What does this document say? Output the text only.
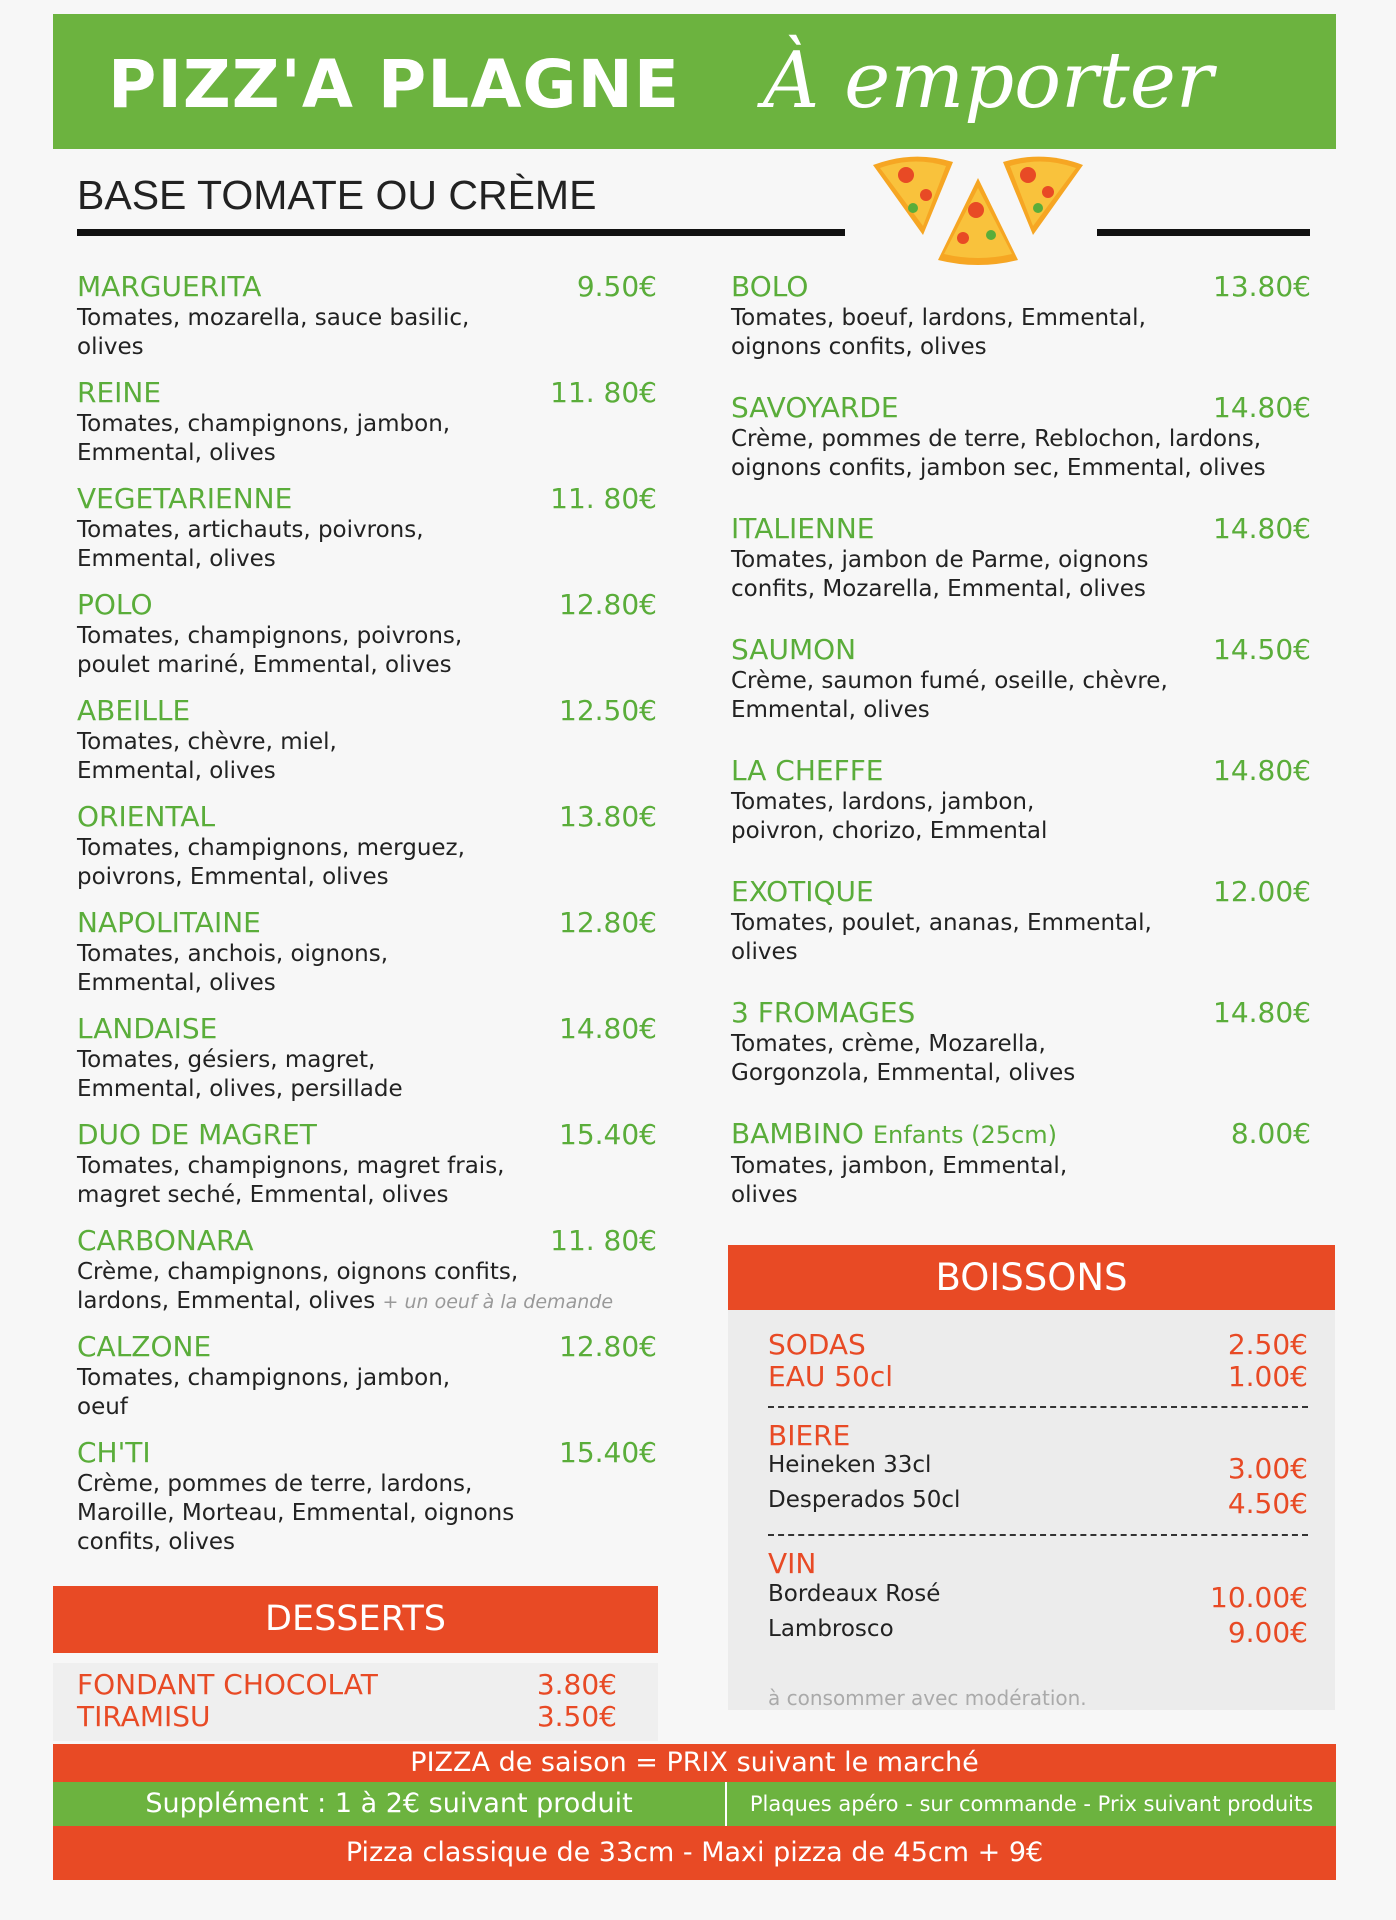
PIZZ'A PLAGNE À emporter
BASE TOMATE OU CRÈME
MARGUERITA	9.50€
Tomates, mozarella, sauce basilic,
olives
REINE	11. 80€
Tomates, champignons, jambon,
Emmental, olives
VEGETARIENNE	11. 80€
Tomates, artichauts, poivrons,
Emmental, olives
POLO	12.80€
Tomates, champignons, poivrons,
poulet mariné, Emmental, olives
ABEILLE	12.50€
Tomates, chèvre, miel,
Emmental, olives
ORIENTAL	13.80€
Tomates, champignons, merguez,
poivrons, Emmental, olives
NAPOLITAINE	12.80€
Tomates, anchois, oignons,
Emmental, olives
LANDAISE	14.80€
Tomates, gésiers, magret,
Emmental, olives, persillade
DUO DE MAGRET	15.40€
Tomates, champignons, magret frais,
magret seché, Emmental, olives
CARBONARA	11. 80€
Crème, champignons, oignons confits,
lardons, Emmental, olives + un oeuf à la demande
CALZONE	12.80€
Tomates, champignons, jambon,
oeuf
CH'TI	15.40€
Crème, pommes de terre, lardons,
Maroille, Morteau, Emmental, oignons
confits, olives
BOLO	13.80€
Tomates, boeuf, lardons, Emmental,
oignons confits, olives
SAVOYARDE	14.80€
Crème, pommes de terre, Reblochon, lardons,
oignons confits, jambon sec, Emmental, olives
ITALIENNE	14.80€
Tomates, jambon de Parme, oignons
confits, Mozarella, Emmental, olives
SAUMON	14.50€
Crème, saumon fumé, oseille, chèvre,
Emmental, olives
LA CHEFFE	14.80€
Tomates, lardons, jambon,
poivron, chorizo, Emmental
EXOTIQUE	12.00€
Tomates, poulet, ananas, Emmental,
olives
3 FROMAGES	14.80€
Tomates, crème, Mozarella,
Gorgonzola, Emmental, olives
BAMBINO Enfants (25cm)	8.00€
Tomates, jambon, Emmental,
olives
DESSERTS
FONDANT CHOCOLAT	3.80€
TIRAMISU	3.50€
BOISSONS
SODAS	2.50€
EAU 50cl	1.00€
BIERE
Heineken 33cl	3.00€
Desperados 50cl	4.50€
VIN
Bordeaux Rosé	10.00€
Lambrosco	9.00€
à consommer avec modération.
PIZZA de saison = PRIX suivant le marché
Supplément : 1 à 2€ suivant produit	Plaques apéro - sur commande - Prix suivant produits
Pizza classique de 33cm - Maxi pizza de 45cm + 9€
